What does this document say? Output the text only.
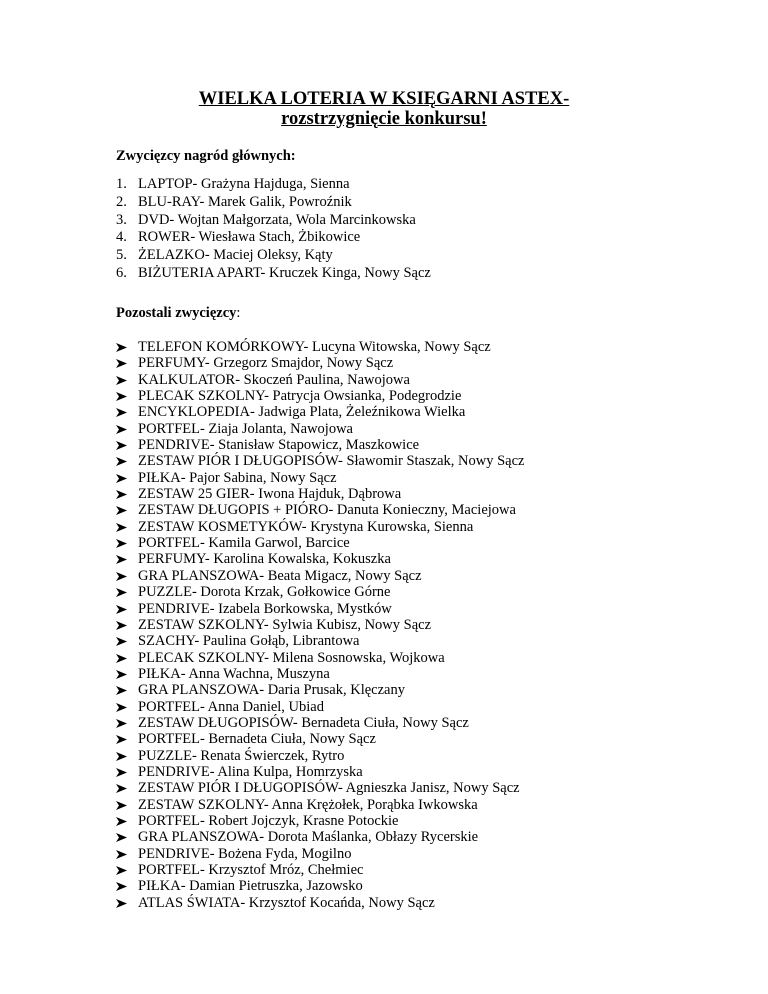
WIELKA LOTERIA W KSIĘGARNI ASTEX-
rozstrzygnięcie konkursu!
Zwycięzcy nagród głównych:
1. LAPTOP- Grażyna Hajduga, Sienna
2. BLU-RAY- Marek Galik, Powroźnik
3. DVD- Wojtan Małgorzata, Wola Marcinkowska
4. ROWER- Wiesława Stach, Żbikowice
5. ŻELAZKO- Maciej Oleksy, Kąty
6. BIŻUTERIA APART- Kruczek Kinga, Nowy Sącz
Pozostali zwycięzcy:
TELEFON KOMÓRKOWY- Lucyna Witowska, Nowy Sącz
PERFUMY- Grzegorz Smajdor, Nowy Sącz
KALKULATOR- Skoczeń Paulina, Nawojowa
PLECAK SZKOLNY- Patrycja Owsianka, Podegrodzie
ENCYKLOPEDIA- Jadwiga Plata, Żeleźnikowa Wielka
PORTFEL- Ziaja Jolanta, Nawojowa
PENDRIVE- Stanisław Stapowicz, Maszkowice
ZESTAW PIÓR I DŁUGOPISÓW- Sławomir Staszak, Nowy Sącz
PIŁKA- Pajor Sabina, Nowy Sącz
ZESTAW 25 GIER- Iwona Hajduk, Dąbrowa
ZESTAW DŁUGOPIS + PIÓRO- Danuta Konieczny, Maciejowa
ZESTAW KOSMETYKÓW- Krystyna Kurowska, Sienna
PORTFEL- Kamila Garwol, Barcice
PERFUMY- Karolina Kowalska, Kokuszka
GRA PLANSZOWA- Beata Migacz, Nowy Sącz
PUZZLE- Dorota Krzak, Gołkowice Górne
PENDRIVE- Izabela Borkowska, Mystków
ZESTAW SZKOLNY- Sylwia Kubisz, Nowy Sącz
SZACHY- Paulina Gołąb, Librantowa
PLECAK SZKOLNY- Milena Sosnowska, Wojkowa
PIŁKA- Anna Wachna, Muszyna
GRA PLANSZOWA- Daria Prusak, Klęczany
PORTFEL- Anna Daniel, Ubiad
ZESTAW DŁUGOPISÓW- Bernadeta Ciuła, Nowy Sącz
PORTFEL- Bernadeta Ciuła, Nowy Sącz
PUZZLE- Renata Świerczek, Rytro
PENDRIVE- Alina Kulpa, Homrzyska
ZESTAW PIÓR I DŁUGOPISÓW- Agnieszka Janisz, Nowy Sącz
ZESTAW SZKOLNY- Anna Krężołek, Porąbka Iwkowska
PORTFEL- Robert Jojczyk, Krasne Potockie
GRA PLANSZOWA- Dorota Maślanka, Obłazy Rycerskie
PENDRIVE- Bożena Fyda, Mogilno
PORTFEL- Krzysztof Mróz, Chełmiec
PIŁKA- Damian Pietruszka, Jazowsko
ATLAS ŚWIATA- Krzysztof Kocańda, Nowy Sącz
